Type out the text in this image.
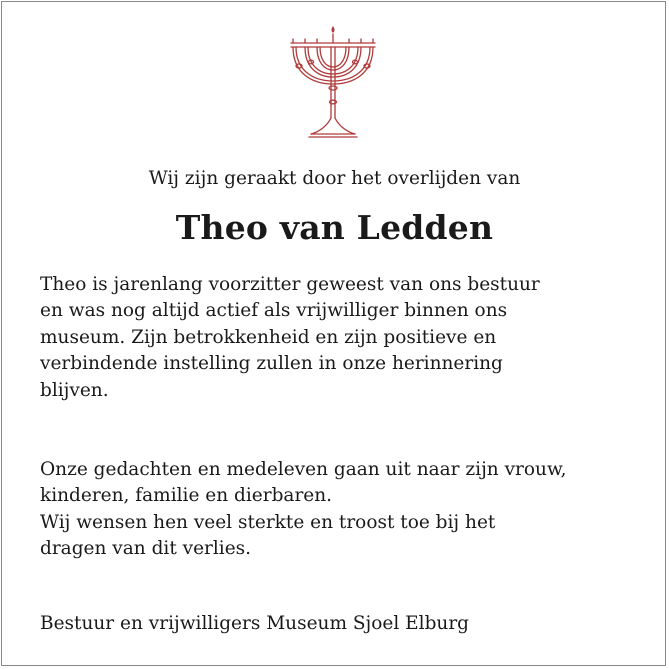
Wij zijn geraakt door het overlijden van
Theo van Ledden
Theo is jarenlang voorzitter geweest van ons bestuur
en was nog altijd actief als vrijwilliger binnen ons
museum. Zijn betrokkenheid en zijn positieve en
verbindende instelling zullen in onze herinnering
blijven.
Onze gedachten en medeleven gaan uit naar zijn vrouw,
kinderen, familie en dierbaren.
Wij wensen hen veel sterkte en troost toe bij het
dragen van dit verlies.
Bestuur en vrijwilligers Museum Sjoel Elburg
